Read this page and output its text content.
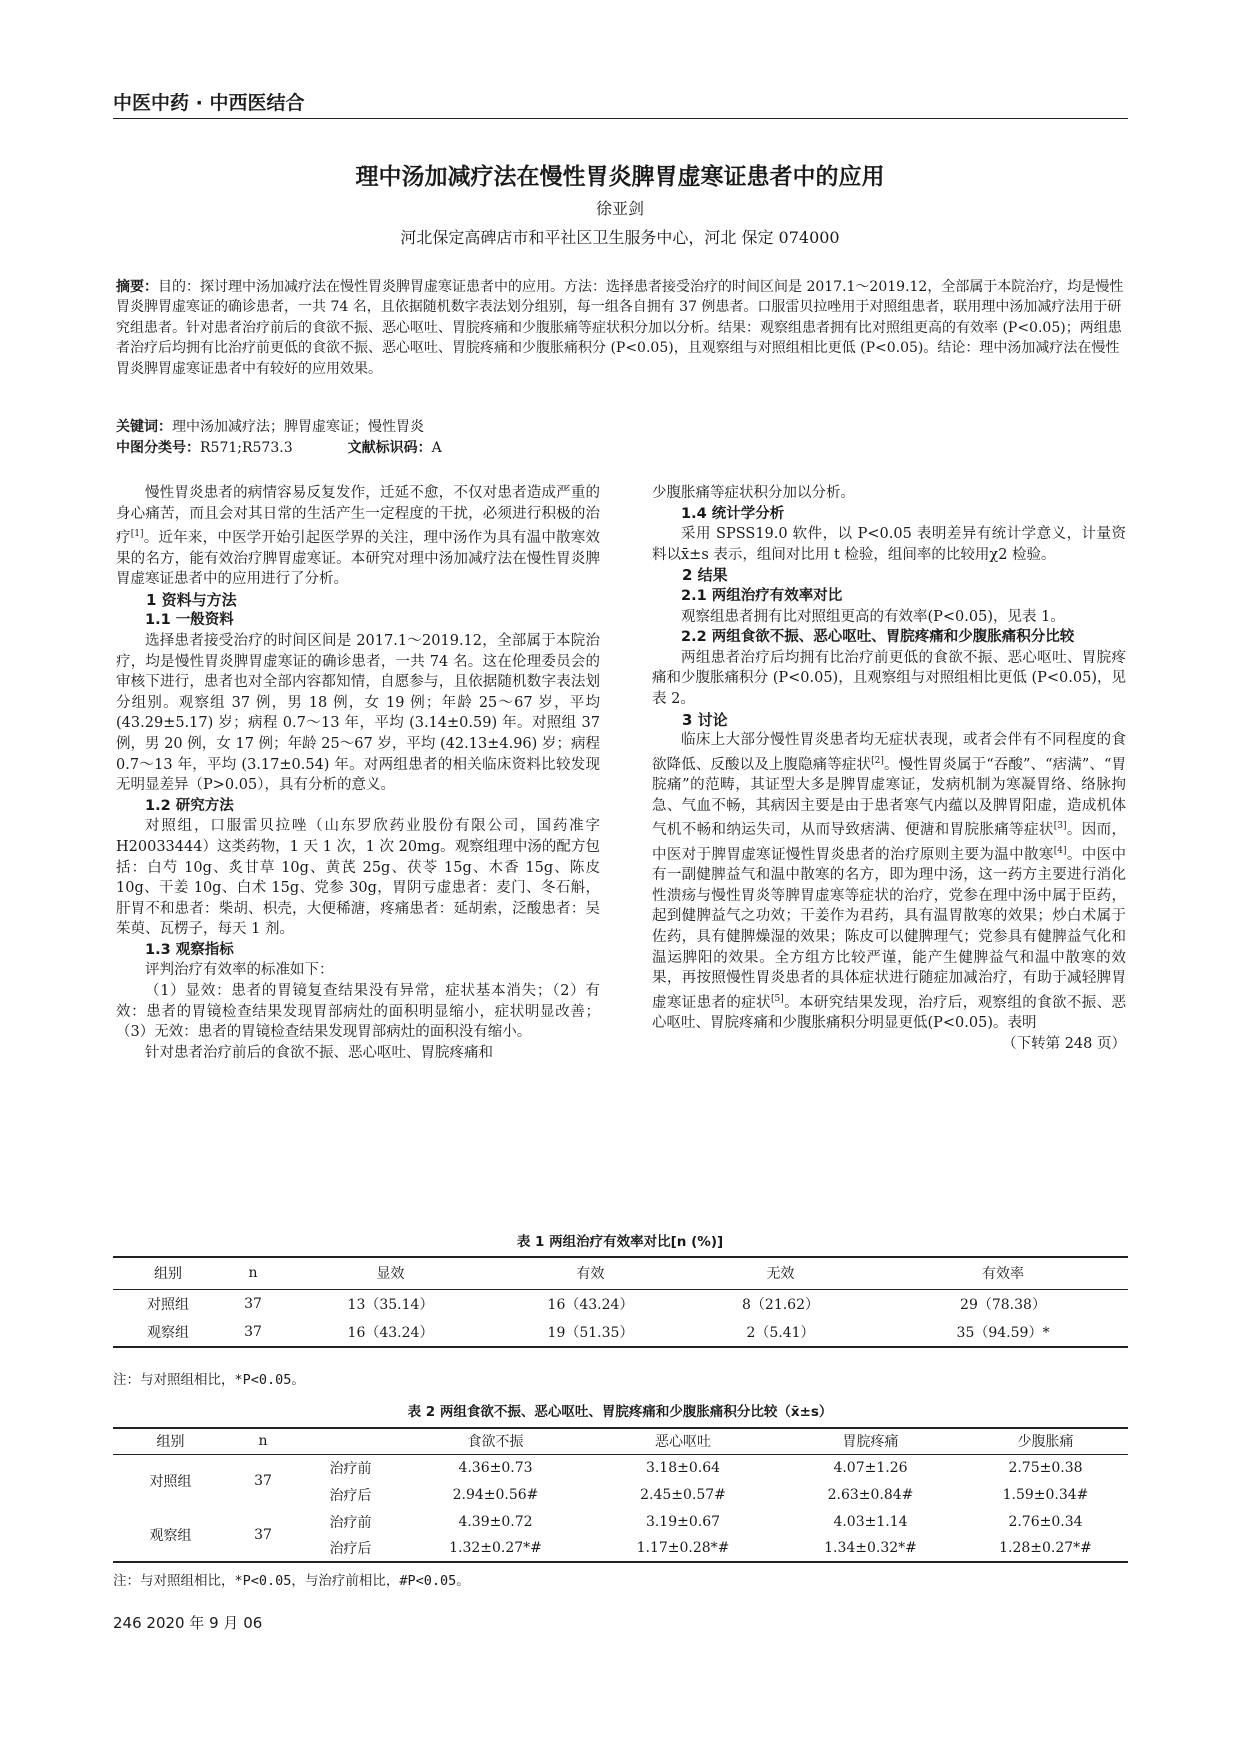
中医中药 · 中西医结合
理中汤加减疗法在慢性胃炎脾胃虚寒证患者中的应用
徐亚剑
河北保定高碑店市和平社区卫生服务中心，河北 保定 074000
摘要：目的：探讨理中汤加减疗法在慢性胃炎脾胃虚寒证患者中的应用。方法：选择患者接受治疗的时间区间是 2017.1～2019.12，全部属于本院治疗，均是慢性胃炎脾胃虚寒证的确诊患者，一共 74 名，且依据随机数字表法划分组别，每一组各自拥有 37 例患者。口服雷贝拉唑用于对照组患者，联用理中汤加减疗法用于研究组患者。针对患者治疗前后的食欲不振、恶心呕吐、胃脘疼痛和少腹胀痛等症状积分加以分析。结果：观察组患者拥有比对照组更高的有效率 (P<0.05)；两组患者治疗后均拥有比治疗前更低的食欲不振、恶心呕吐、胃脘疼痛和少腹胀痛积分 (P<0.05)，且观察组与对照组相比更低 (P<0.05)。结论：理中汤加减疗法在慢性胃炎脾胃虚寒证患者中有较好的应用效果。
关键词：理中汤加减疗法；脾胃虚寒证；慢性胃炎
中图分类号：R571;R573.3	文献标识码：A

慢性胃炎患者的病情容易反复发作，迁延不愈，不仅对患者造成严重的身心痛苦，而且会对其日常的生活产生一定程度的干扰，必须进行积极的治疗[1]。近年来，中医学开始引起医学界的关注，理中汤作为具有温中散寒效果的名方，能有效治疗脾胃虚寒证。本研究对理中汤加减疗法在慢性胃炎脾胃虚寒证患者中的应用进行了分析。

1 资料与方法
1.1 一般资料

选择患者接受治疗的时间区间是 2017.1～2019.12，全部属于本院治疗，均是慢性胃炎脾胃虚寒证的确诊患者，一共 74 名。这在伦理委员会的审核下进行，患者也对全部内容都知情，自愿参与，且依据随机数字表法划分组别。观察组 37 例，男 18 例，女 19 例；年龄 25～67 岁，平均 (43.29±5.17) 岁；病程 0.7～13 年，平均 (3.14±0.59) 年。对照组 37 例，男 20 例，女 17 例；年龄 25～67 岁，平均 (42.13±4.96) 岁；病程 0.7～13 年，平均 (3.17±0.54) 年。对两组患者的相关临床资料比较发现无明显差异（P>0.05），具有分析的意义。

1.2 研究方法

对照组，口服雷贝拉唑（山东罗欣药业股份有限公司，国药准字 H20033444）这类药物，1 天 1 次，1 次 20mg。观察组理中汤的配方包括：白芍 10g、炙甘草 10g、黄芪 25g、茯苓 15g、木香 15g、陈皮 10g、干姜 10g、白术 15g、党参 30g，胃阴亏虚患者：麦门、冬石斛，肝胃不和患者：柴胡、枳壳，大便稀溏，疼痛患者：延胡索，泛酸患者：吴茱萸、瓦楞子，每天 1 剂。

1.3 观察指标

评判治疗有效率的标准如下：

（1）显效：患者的胃镜复查结果没有异常，症状基本消失；（2）有效：患者的胃镜检查结果发现胃部病灶的面积明显缩小，症状明显改善；（3）无效：患者的胃镜检查结果发现胃部病灶的面积没有缩小。

针对患者治疗前后的食欲不振、恶心呕吐、胃脘疼痛和

少腹胀痛等症状积分加以分析。

1.4 统计学分析

采用 SPSS19.0 软件，以 P<0.05 表明差异有统计学意义，计量资料以x̄±s 表示，组间对比用 t 检验，组间率的比较用χ2 检验。

2 结果
2.1 两组治疗有效率对比

观察组患者拥有比对照组更高的有效率(P<0.05)，见表 1。

2.2 两组食欲不振、恶心呕吐、胃脘疼痛和少腹胀痛积分比较

两组患者治疗后均拥有比治疗前更低的食欲不振、恶心呕吐、胃脘疼痛和少腹胀痛积分 (P<0.05)，且观察组与对照组相比更低 (P<0.05)，见表 2。

3 讨论

临床上大部分慢性胃炎患者均无症状表现，或者会伴有不同程度的食欲降低、反酸以及上腹隐痛等症状[2]。慢性胃炎属于“吞酸”、“痞满”、“胃脘痛”的范畴，其证型大多是脾胃虚寒证，发病机制为寒凝胃络、络脉拘急、气血不畅，其病因主要是由于患者寒气内蕴以及脾胃阳虚，造成机体气机不畅和纳运失司，从而导致痞满、便溏和胃脘胀痛等症状[3]。因而，中医对于脾胃虚寒证慢性胃炎患者的治疗原则主要为温中散寒[4]。中医中有一副健脾益气和温中散寒的名方，即为理中汤，这一药方主要进行消化性溃疡与慢性胃炎等脾胃虚寒等症状的治疗，党参在理中汤中属于臣药，起到健脾益气之功效；干姜作为君药，具有温胃散寒的效果；炒白术属于佐药，具有健脾燥湿的效果；陈皮可以健脾理气；党参具有健脾益气化和温运脾阳的效果。全方组方比较严谨，能产生健脾益气和温中散寒的效果，再按照慢性胃炎患者的具体症状进行随症加减治疗，有助于减轻脾胃虚寒证患者的症状[5]。本研究结果发现，治疗后，观察组的食欲不振、恶心呕吐、胃脘疼痛和少腹胀痛积分明显更低(P<0.05)。表明

（下转第 248 页）
表 1 两组治疗有效率对比[n (%)]
组别	n	显效	有效	无效	有效率
对照组	37	13（35.14）	16（43.24）	8（21.62）	29（78.38）
观察组	37	16（43.24）	19（51.35）	2（5.41）	35（94.59）*
注：与对照组相比，*P<0.05。
表 2 两组食欲不振、恶心呕吐、胃脘疼痛和少腹胀痛积分比较（x̄±s）
组别	n		食欲不振	恶心呕吐	胃脘疼痛	少腹胀痛
对照组	37	治疗前	4.36±0.73	3.18±0.64	4.07±1.26	2.75±0.38
		治疗后	2.94±0.56#	2.45±0.57#	2.63±0.84#	1.59±0.34#
观察组	37	治疗前	4.39±0.72	3.19±0.67	4.03±1.14	2.76±0.34
		治疗后	1.32±0.27*#	1.17±0.28*#	1.34±0.32*#	1.28±0.27*#
注：与对照组相比，*P<0.05，与治疗前相比，#P<0.05。
246 2020 年 9 月 06
